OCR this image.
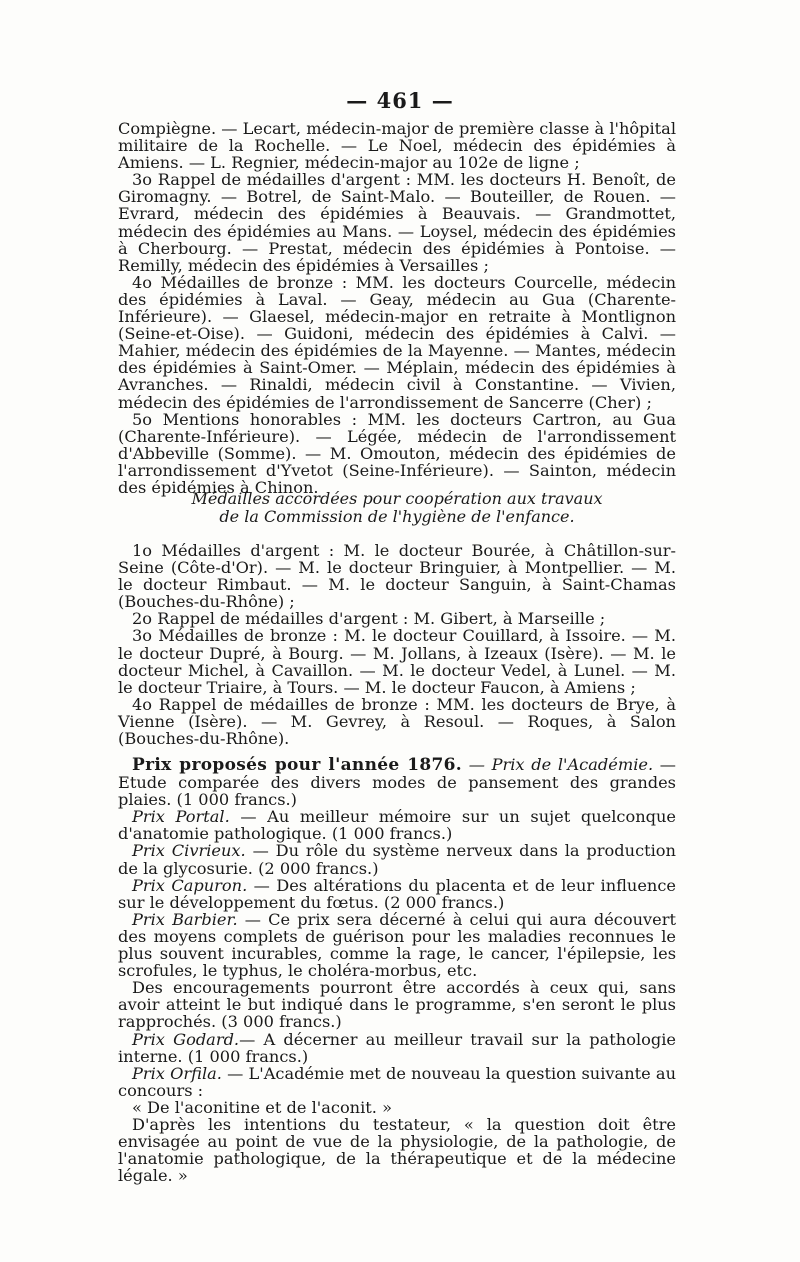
— 461 —

Compiègne. — Lecart, médecin-major de première classe à l'hôpital militaire de la Rochelle. — Le Noel, médecin des épidémies à Amiens. — L. Regnier, médecin-major au 102e de ligne ;

3o Rappel de médailles d'argent : MM. les docteurs H. Benoît, de Giromagny. — Botrel, de Saint-Malo. — Bouteiller, de Rouen. — Evrard, médecin des épidémies à Beauvais. — Grandmottet, médecin des épidémies au Mans. — Loysel, médecin des épidémies à Cherbourg. — Prestat, médecin des épidémies à Pontoise. — Remilly, médecin des épidémies à Versailles ;

4o Médailles de bronze : MM. les docteurs Courcelle, médecin des épidémies à Laval. — Geay, médecin au Gua (Charente-Inférieure). — Glaesel, médecin-major en retraite à Montlignon (Seine-et-Oise). — Guidoni, médecin des épidémies à Calvi. — Mahier, médecin des épidémies de la Mayenne. — Mantes, médecin des épidémies à Saint-Omer. — Méplain, médecin des épidémies à Avranches. — Rinaldi, médecin civil à Constantine. — Vivien, médecin des épidémies de l'arrondissement de Sancerre (Cher) ;

5o Mentions honorables : MM. les docteurs Cartron, au Gua (Charente-Inférieure). — Légée, médecin de l'arrondissement d'Abbeville (Somme). — M. Omouton, médecin des épidémies de l'arrondissement d'Yvetot (Seine-Inférieure). — Sainton, médecin des épidémies à Chinon.

Médailles accordées pour coopération aux travaux
de la Commission de l'hygiène de l'enfance.

1o Médailles d'argent : M. le docteur Bourée, à Châtillon-sur-Seine (Côte-d'Or). — M. le docteur Bringuier, à Montpellier. — M. le docteur Rimbaut. — M. le docteur Sanguin, à Saint-Chamas (Bouches-du-Rhône) ;

2o Rappel de médailles d'argent : M. Gibert, à Marseille ;

3o Médailles de bronze : M. le docteur Couillard, à Issoire. — M. le docteur Dupré, à Bourg. — M. Jollans, à Izeaux (Isère). — M. le docteur Michel, à Cavaillon. — M. le docteur Vedel, à Lunel. — M. le docteur Triaire, à Tours. — M. le docteur Faucon, à Amiens ;

4o Rappel de médailles de bronze : MM. les docteurs de Brye, à Vienne (Isère). — M. Gevrey, à Resoul. — Roques, à Salon (Bouches-du-Rhône).

Prix proposés pour l'année 1876. — Prix de l'Académie. — Etude comparée des divers modes de pansement des grandes plaies. (1 000 francs.)

Prix Portal. — Au meilleur mémoire sur un sujet quelconque d'anatomie pathologique. (1 000 francs.)

Prix Civrieux. — Du rôle du système nerveux dans la production de la glycosurie. (2 000 francs.)

Prix Capuron. — Des altérations du placenta et de leur influence sur le développement du fœtus. (2 000 francs.)

Prix Barbier. — Ce prix sera décerné à celui qui aura découvert des moyens complets de guérison pour les maladies reconnues le plus souvent incurables, comme la rage, le cancer, l'épilepsie, les scrofules, le typhus, le choléra-morbus, etc.

Des encouragements pourront être accordés à ceux qui, sans avoir atteint le but indiqué dans le programme, s'en seront le plus rapprochés. (3 000 francs.)

Prix Godard.— A décerner au meilleur travail sur la pathologie interne. (1 000 francs.)

Prix Orfila. — L'Académie met de nouveau la question suivante au concours :

« De l'aconitine et de l'aconit. »

D'après les intentions du testateur, « la question doit être envisagée au point de vue de la physiologie, de la pathologie, de l'anatomie pathologique, de la thérapeutique et de la médecine légale. »
